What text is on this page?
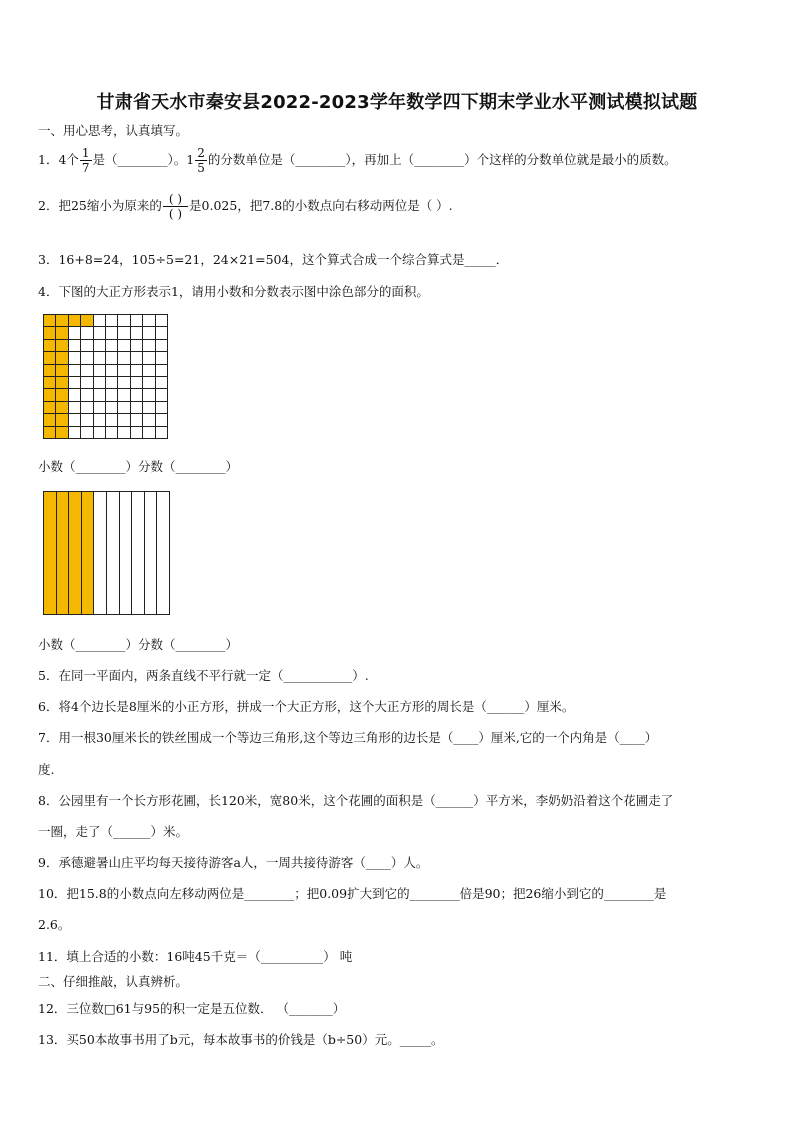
甘肃省天水市秦安县2022-2023学年数学四下期末学业水平测试模拟试题
一、用心思考，认真填写。
1．4个 $\frac{1}{7}$ 是（________）。$1 \frac{2}{5}$ 的分数单位是（________），再加上（________）个这样的分数单位就是最小的质数。
2．把25缩小为原来的 $\frac{( )}{( )}$ 是0.025，把7.8的小数点向右移动两位是（ ）.
3．16+8=24，105÷5=21，24×21=504，这个算式合成一个综合算式是_____．
4．下图的大正方形表示1，请用小数和分数表示图中涂色部分的面积。
小数（________）分数（________）
小数（________）分数（________）
5．在同一平面内，两条直线不平行就一定（___________）.
6．将4个边长是8厘米的小正方形，拼成一个大正方形，这个大正方形的周长是（______）厘米。
7．用一根30厘米长的铁丝围成一个等边三角形,这个等边三角形的边长是（____）厘米,它的一个内角是（____）
度.
8．公园里有一个长方形花圃，长120米，宽80米，这个花圃的面积是（______）平方米，李奶奶沿着这个花圃走了
一圈，走了（______）米。
9．承德避暑山庄平均每天接待游客a人，一周共接待游客（____）人。
10．把15.8的小数点向左移动两位是________；把0.09扩大到它的________倍是90；把26缩小到它的________是
2.6。
11．填上合适的小数：16吨45千克＝（__________） 吨
二、仔细推敲，认真辨析。
12．三位数□61与95的积一定是五位数． （_______）
13．买50本故事书用了b元，每本故事书的价钱是（b÷50）元。_____。
